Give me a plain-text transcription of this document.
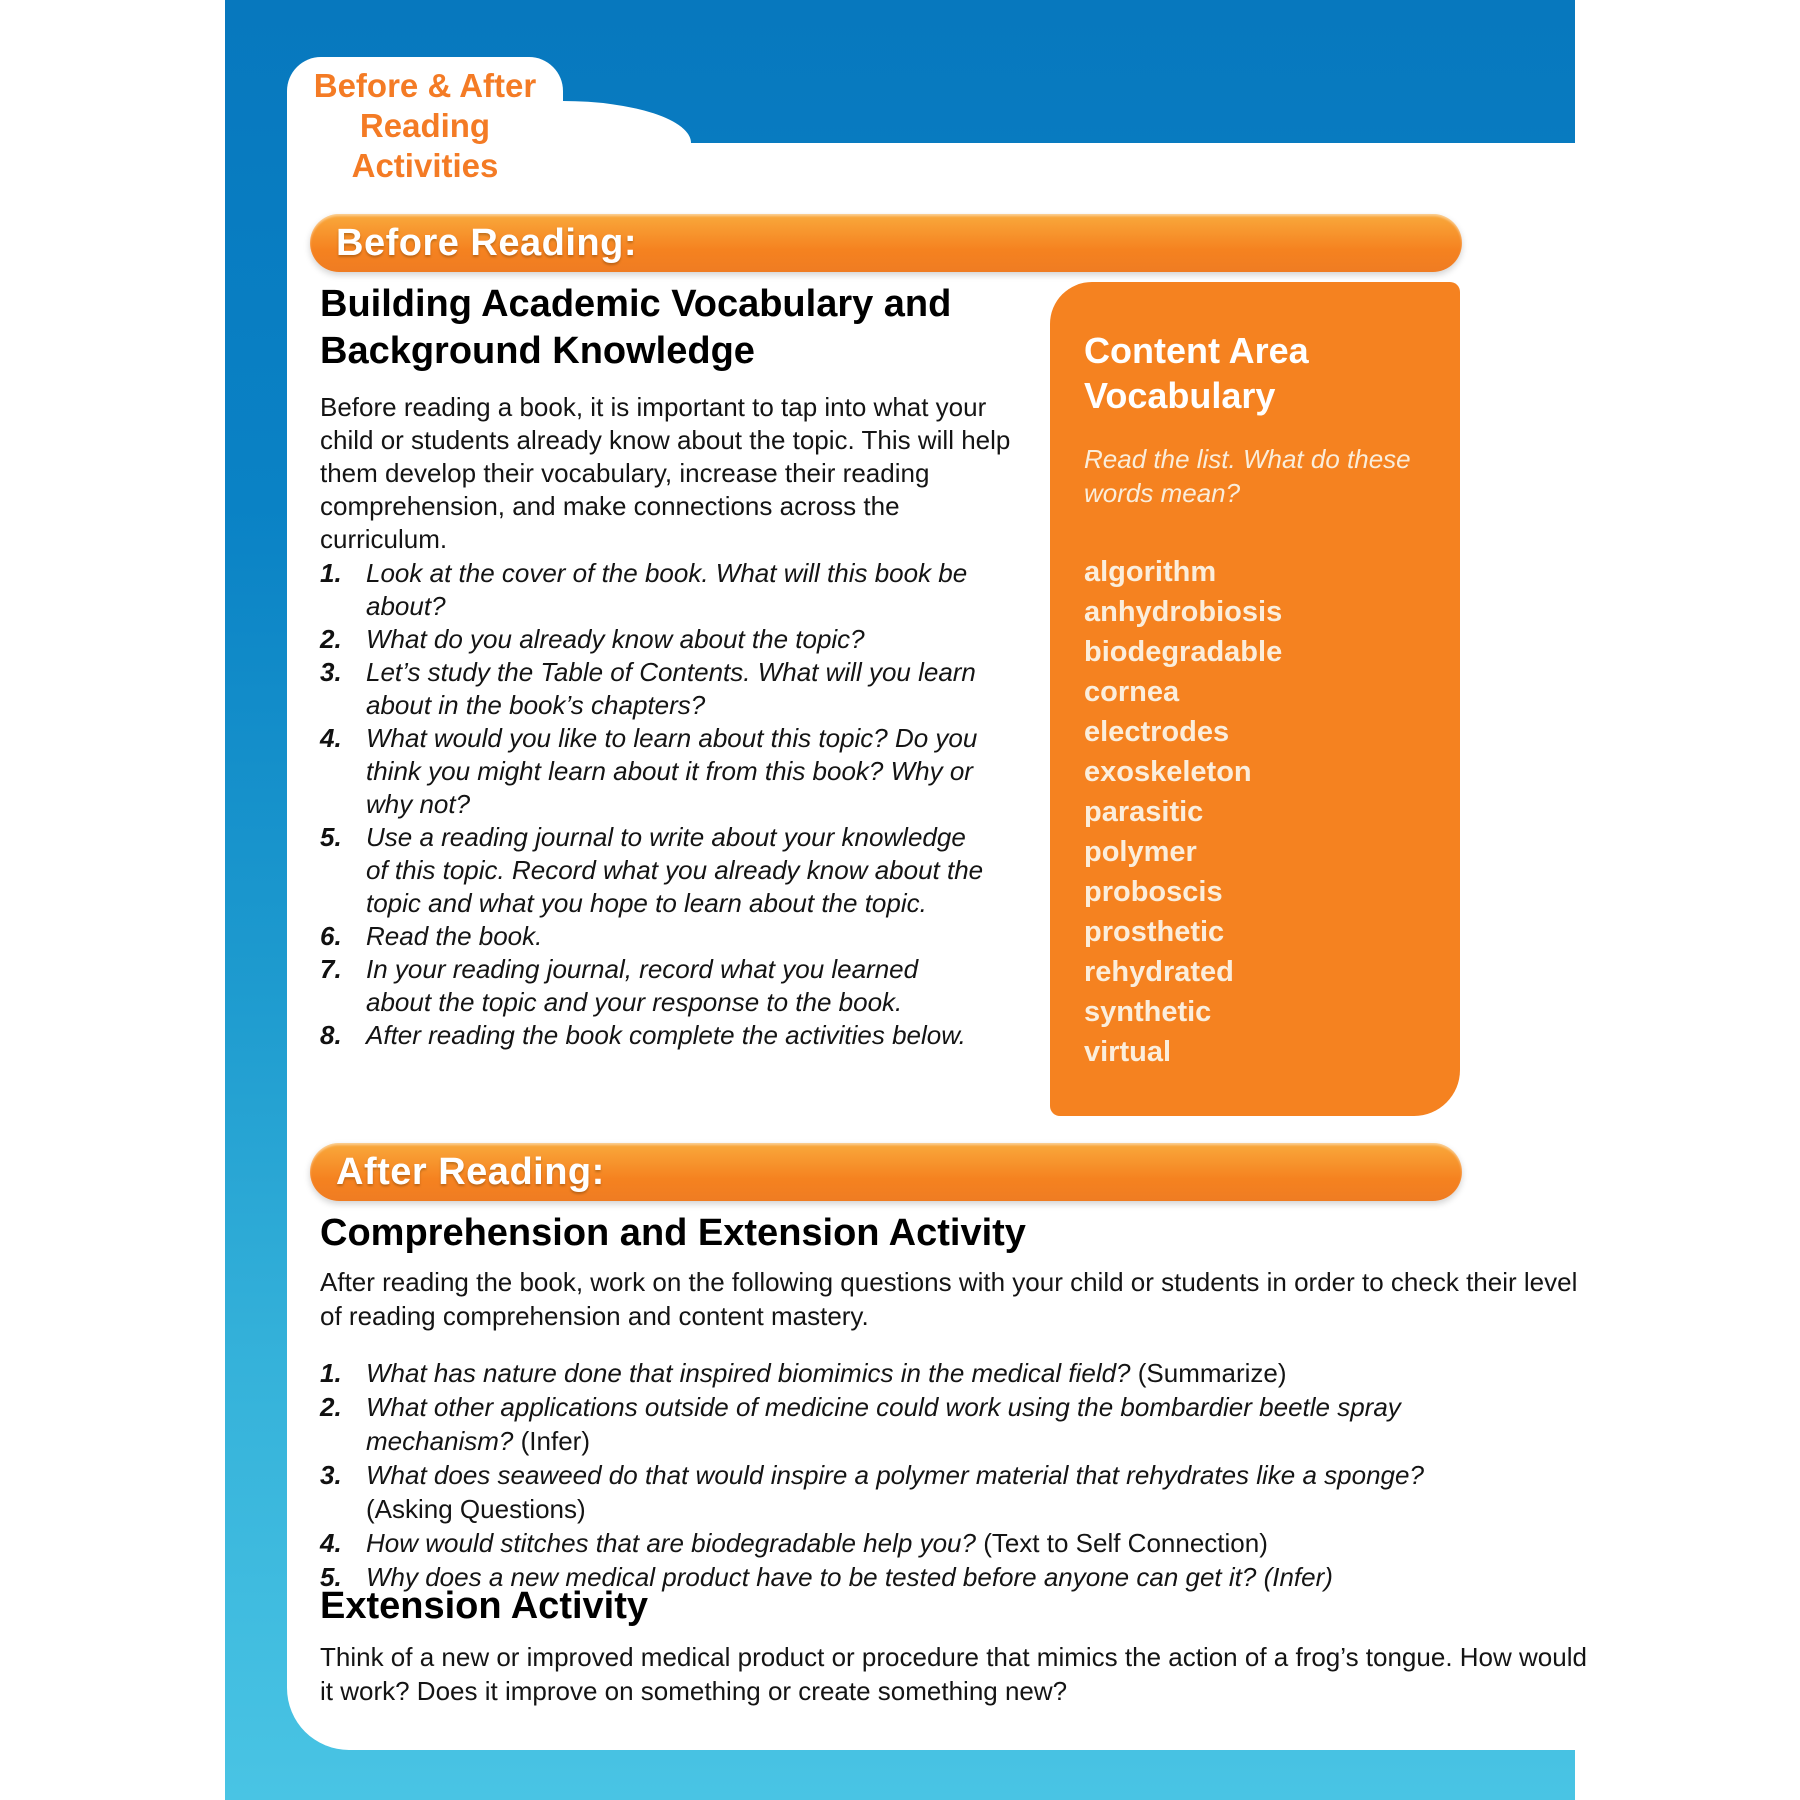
Before & After
Reading Activities
Before Reading:
Building Academic Vocabulary and Background Knowledge
Before reading a book, it is important to tap into what your child or students already know about the topic. This will help them develop their vocabulary, increase their reading comprehension, and make connections across the curriculum.
1. Look at the cover of the book. What will this book be about?
2. What do you already know about the topic?
3. Let’s study the Table of Contents. What will you learn about in the book’s chapters?
4. What would you like to learn about this topic? Do you think you might learn about it from this book? Why or why not?
5. Use a reading journal to write about your knowledge of this topic. Record what you already know about the topic and what you hope to learn about the topic.
6. Read the book.
7. In your reading journal, record what you learned about the topic and your response to the book.
8. After reading the book complete the activities below.
Content Area
Vocabulary
Read the list. What do these words mean?
algorithm
anhydrobiosis
biodegradable
cornea
electrodes
exoskeleton
parasitic
polymer
proboscis
prosthetic
rehydrated
synthetic
virtual
After Reading:
Comprehension and Extension Activity
After reading the book, work on the following questions with your child or students in order to check their level of reading comprehension and content mastery.
1. What has nature done that inspired biomimics in the medical field? (Summarize)
2. What other applications outside of medicine could work using the bombardier beetle spray mechanism? (Infer)
3. What does seaweed do that would inspire a polymer material that rehydrates like a sponge? (Asking Questions)
4. How would stitches that are biodegradable help you? (Text to Self Connection)
5. Why does a new medical product have to be tested before anyone can get it? (Infer)
Extension Activity
Think of a new or improved medical product or procedure that mimics the action of a frog’s tongue. How would it work? Does it improve on something or create something new?
